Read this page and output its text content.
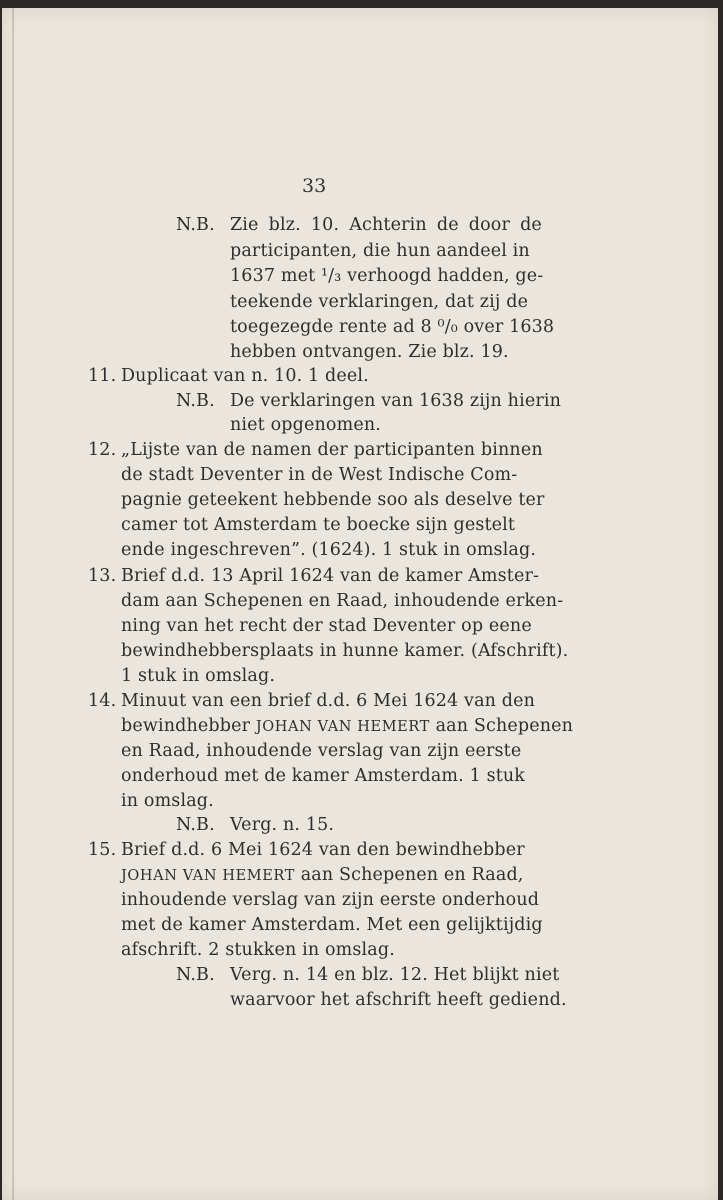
33
N.B. Zie blz. 10. Achterin de door de
participanten, die hun aandeel in
1637 met ¹/₃ verhoogd hadden, ge-
teekende verklaringen, dat zij de
toegezegde rente ad 8 ⁰/₀ over 1638
hebben ontvangen. Zie blz. 19.
11. Duplicaat van n. 10. 1 deel.
N.B. De verklaringen van 1638 zijn hierin
niet opgenomen.
12. „Lijste van de namen der participanten binnen
de stadt Deventer in de West Indische Com-
pagnie geteekent hebbende soo als deselve ter
camer tot Amsterdam te boecke sijn gestelt
ende ingeschreven”. (1624). 1 stuk in omslag.
13. Brief d.d. 13 April 1624 van de kamer Amster-
dam aan Schepenen en Raad, inhoudende erken-
ning van het recht der stad Deventer op eene
bewindhebbersplaats in hunne kamer. (Afschrift).
1 stuk in omslag.
14. Minuut van een brief d.d. 6 Mei 1624 van den
bewindhebber JOHAN VAN HEMERT aan Schepenen
en Raad, inhoudende verslag van zijn eerste
onderhoud met de kamer Amsterdam. 1 stuk
in omslag.
N.B. Verg. n. 15.
15. Brief d.d. 6 Mei 1624 van den bewindhebber
JOHAN VAN HEMERT aan Schepenen en Raad,
inhoudende verslag van zijn eerste onderhoud
met de kamer Amsterdam. Met een gelijktijdig
afschrift. 2 stukken in omslag.
N.B. Verg. n. 14 en blz. 12. Het blijkt niet
waarvoor het afschrift heeft gediend.
